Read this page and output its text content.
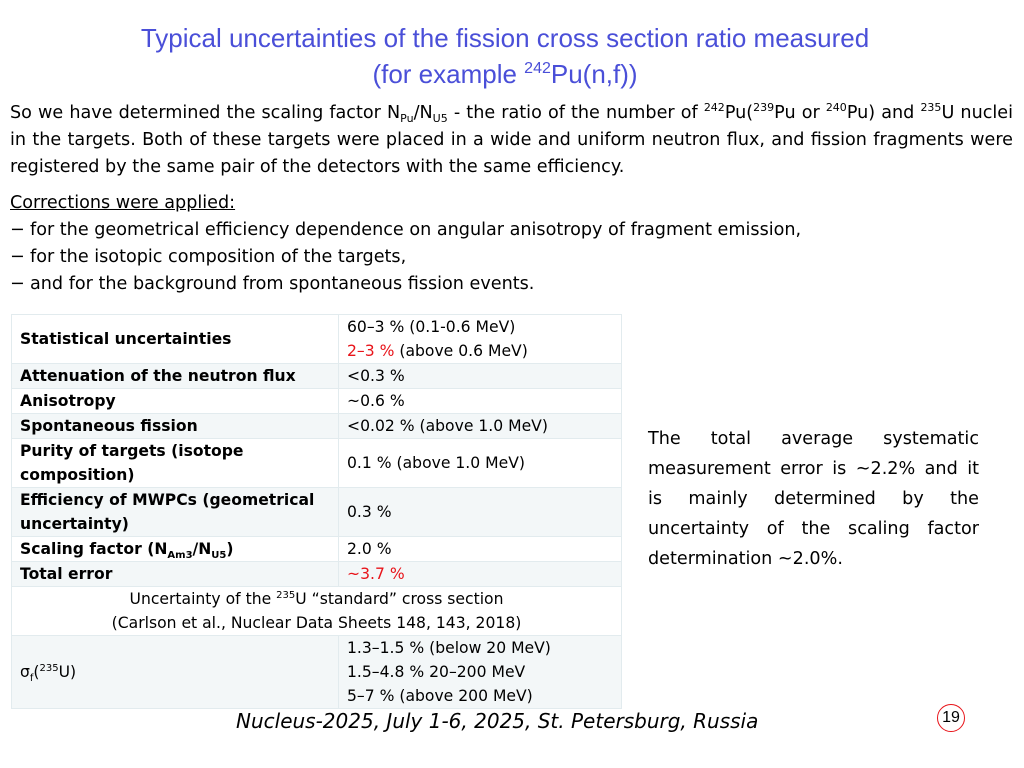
Typical uncertainties of the fission cross section ratio measured
(for example $^{242}$Pu(n,f))
So we have determined the scaling factor $N_{Pu}/N_{U5}$ - the ratio of the number of $^{242}$Pu($^{239}$Pu or $^{240}$Pu) and $^{235}$U nuclei in the targets. Both of these targets were placed in a wide and uniform neutron flux, and fission fragments were registered by the same pair of the detectors with the same efficiency.
Corrections were applied:
− for the geometrical efficiency dependence on angular anisotropy of fragment emission,
− for the isotopic composition of the targets,
− and for the background from spontaneous fission events.
Statistical uncertainties	60–3 % (0.1-0.6 MeV)
2–3 % (above 0.6 MeV)

Attenuation of the neutron flux	<0.3 %
Anisotropy	~0.6 %
Spontaneous fission	<0.02 % (above 1.0 MeV)
Purity of targets (isotope composition)	0.1 % (above 1.0 MeV)
Efficiency of MWPCs (geometrical uncertainty)	0.3 %
Scaling factor $(N_{Am3}/N_{U5})$	2.0 %
Total error	~3.7 %

Uncertainty of the $^{235}$U “standard” cross section
(Carlson et al., Nuclear Data Sheets 148, 143, 2018)	

$\sigma_f(^{235}U)$	1.3–1.5 % (below 20 MeV)
1.5–4.8 % 20–200 MeV
5–7 % (above 200 MeV)
The total average systematic measurement error is ~2.2% and it is mainly determined by the uncertainty of the scaling factor determination ~2.0%.
Nucleus-2025, July 1-6, 2025, St. Petersburg, Russia	19
